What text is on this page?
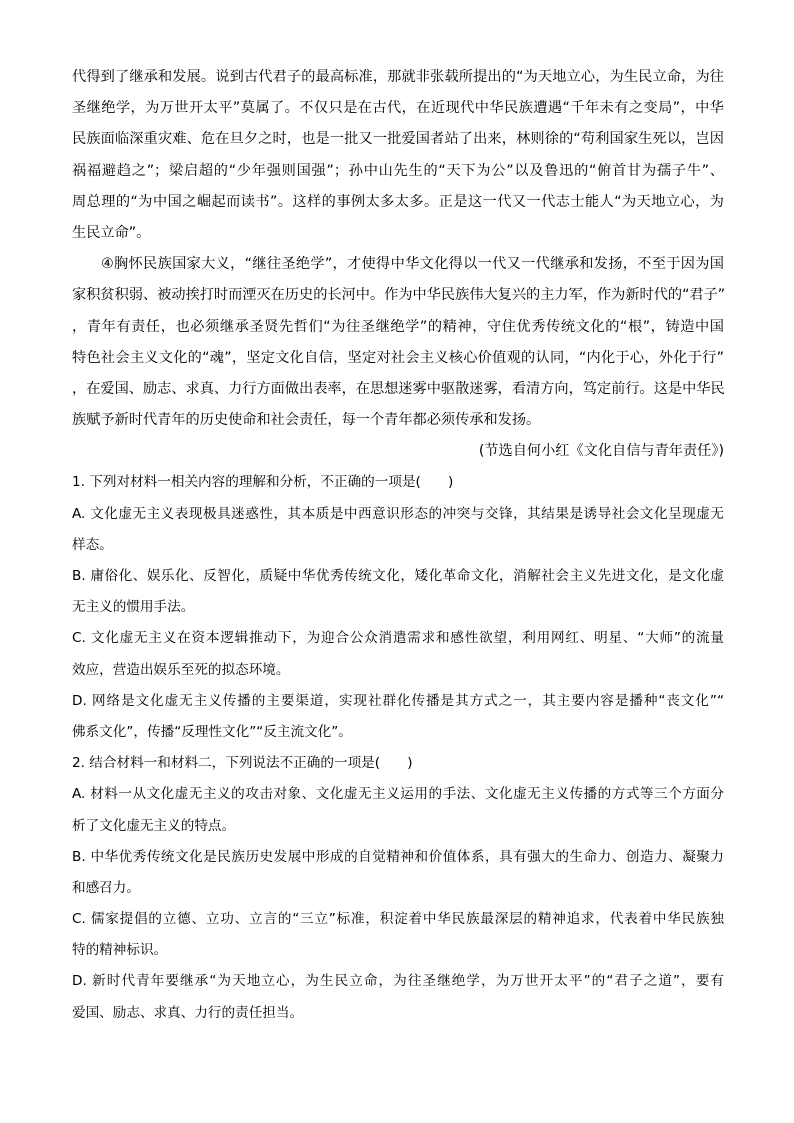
代得到了继承和发展。说到古代君子的最高标准，那就非张载所提出的“为天地立心，为生民立命，为往
圣继绝学，为万世开太平”莫属了。不仅只是在古代，在近现代中华民族遭遇“千年未有之变局”，中华
民族面临深重灾难、危在旦夕之时，也是一批又一批爱国者站了出来，林则徐的“苟利国家生死以，岂因
祸福避趋之”；梁启超的“少年强则国强”；孙中山先生的“天下为公”以及鲁迅的“俯首甘为孺子牛”、
周总理的“为中国之崛起而读书”。这样的事例太多太多。正是这一代又一代志士能人“为天地立心，为
生民立命”。
④胸怀民族国家大义，“继往圣绝学”，才使得中华文化得以一代又一代继承和发扬，不至于因为国
家积贫积弱、被动挨打时而湮灭在历史的长河中。作为中华民族伟大复兴的主力军，作为新时代的“君子”
，青年有责任，也必须继承圣贤先哲们“为往圣继绝学”的精神，守住优秀传统文化的“根”，铸造中国
特色社会主义文化的“魂”，坚定文化自信，坚定对社会主义核心价值观的认同，“内化于心，外化于行”
，在爱国、励志、求真、力行方面做出表率，在思想迷雾中驱散迷雾，看清方向，笃定前行。这是中华民
族赋予新时代青年的历史使命和社会责任，每一个青年都必须传承和发扬。
(节选自何小红《文化自信与青年责任》)
1. 下列对材料一相关内容的理解和分析，不正确的一项是(　　)
A. 文化虚无主义表现极具迷惑性，其本质是中西意识形态的冲突与交锋，其结果是诱导社会文化呈现虚无
样态。
B. 庸俗化、娱乐化、反智化，质疑中华优秀传统文化，矮化革命文化，消解社会主义先进文化，是文化虚
无主义的惯用手法。
C. 文化虚无主义在资本逻辑推动下，为迎合公众消遣需求和感性欲望，利用网红、明星、“大师”的流量
效应，营造出娱乐至死的拟态环境。
D. 网络是文化虚无主义传播的主要渠道，实现社群化传播是其方式之一，其主要内容是播种“丧文化”“
佛系文化”，传播“反理性文化”“反主流文化”。
2. 结合材料一和材料二，下列说法不正确的一项是(　　)
A. 材料一从文化虚无主义的攻击对象、文化虚无主义运用的手法、文化虚无主义传播的方式等三个方面分
析了文化虚无主义的特点。
B. 中华优秀传统文化是民族历史发展中形成的自觉精神和价值体系，具有强大的生命力、创造力、凝聚力
和感召力。
C. 儒家提倡的立德、立功、立言的“三立”标准，积淀着中华民族最深层的精神追求，代表着中华民族独
特的精神标识。
D. 新时代青年要继承“为天地立心，为生民立命，为往圣继绝学，为万世开太平”的“君子之道”，要有
爱国、励志、求真、力行的责任担当。
